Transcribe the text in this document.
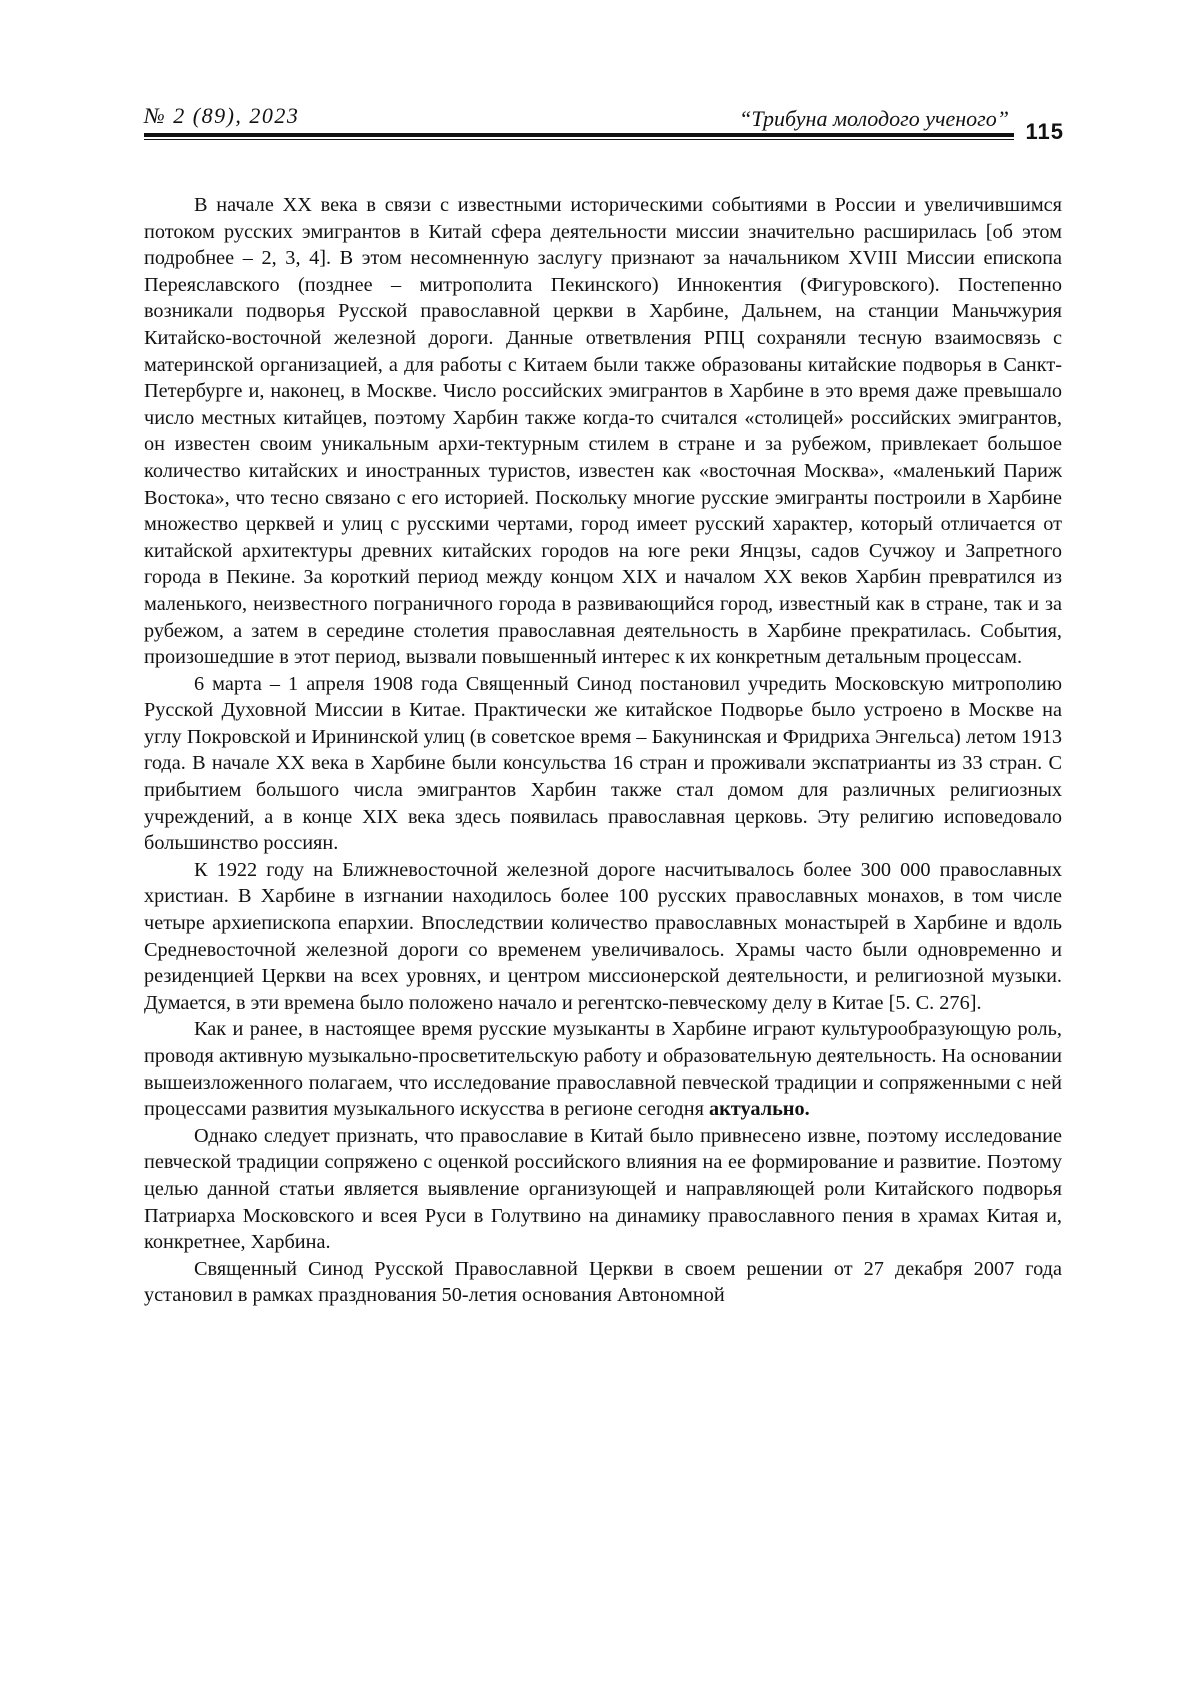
№ 2 (89), 2023	“Трибуна молодого ученого”
115

В начале XX века в связи с известными историческими событиями в России и увеличившимся потоком русских эмигрантов в Китай сфера деятельности миссии значительно расширилась [об этом подробнее – 2, 3, 4]. В этом несомненную заслугу признают за начальником XVIII Миссии епископа Переяславского (позднее – митрополита Пекинского) Иннокентия (Фигуровского). Постепенно возникали подворья Русской православной церкви в Харбине, Дальнем, на станции Маньчжурия Китайско-восточной железной дороги. Данные ответвления РПЦ сохраняли тесную взаимосвязь с материнской организацией, а для работы с Китаем были также образованы китайские подворья в Санкт-Петербурге и, наконец, в Москве. Число российских эмигрантов в Харбине в это время даже превышало число местных китайцев, поэтому Харбин также когда-то считался «столицей» российских эмигрантов, он известен своим уникальным архи-­тектурным стилем в стране и за рубежом, привлекает большое количество китайских и иностранных туристов, известен как «восточная Москва», «маленький Париж Востока», что тесно связано с его историей. Поскольку многие русские эмигранты построили в Харбине множество церквей и улиц с русскими чертами, город имеет русский характер, который отличается от китайской архитектуры древних китайских городов на юге реки Янцзы, садов Сучжоу и Запретного города в Пекине. За короткий период между концом XIX и началом XX веков Харбин превратился из маленького, неизвестного пограничного города в развивающийся город, известный как в стране, так и за рубежом, а затем в середине столетия православная деятельность в Харбине прекратилась. События, произошедшие в этот период, вызвали повышенный интерес к их конкретным детальным процессам.

6 марта – 1 апреля 1908 года Священный Синод постановил учредить Московскую митрополию Русской Духовной Миссии в Китае. Практически же китайское Подворье было устроено в Москве на углу Покровской и Ирининской улиц (в советское время – Бакунинская и Фридриха Энгельса) летом 1913 года. В начале XX века в Харбине были консульства 16 стран и проживали экспатрианты из 33 стран. С прибытием большого числа эмигрантов Харбин также стал домом для различных религиозных учреждений, а в конце XIX века здесь появилась православная церковь. Эту религию исповедовало большинство россиян.

К 1922 году на Ближневосточной железной дороге насчитывалось более 300 000 православных христиан. В Харбине в изгнании находилось более 100 русских православных монахов, в том числе четыре архиепископа епархии. Впоследствии количество православных монастырей в Харбине и вдоль Средневосточной железной дороги со временем увеличивалось. Храмы часто были одновременно и резиденцией Церкви на всех уровнях, и центром миссионерской деятельности, и религиозной музыки. Думается, в эти времена было положено начало и регентско-певческому делу в Китае [5. С. 276].

Как и ранее, в настоящее время русские музыканты в Харбине играют культурообразующую роль, проводя активную музыкально-просветительскую работу и образовательную деятельность. На основании вышеизложенного полагаем, что исследование православной певческой традиции и сопряженными с ней процессами развития музыкального искусства в регионе сегодня актуально.

Однако следует признать, что православие в Китай было привнесено извне, поэтому исследование певческой традиции сопряжено с оценкой российского влияния на ее формирование и развитие. Поэтому целью данной статьи является выявление организующей и направляющей роли Китайского подворья Патриарха Московского и всея Руси в Голутвино на динамику православного пения в храмах Китая и, конкретнее, Харбина.

Священный Синод Русской Православной Церкви в своем решении от 27 декабря 2007 года установил в рамках празднования 50-летия основания Автономной
